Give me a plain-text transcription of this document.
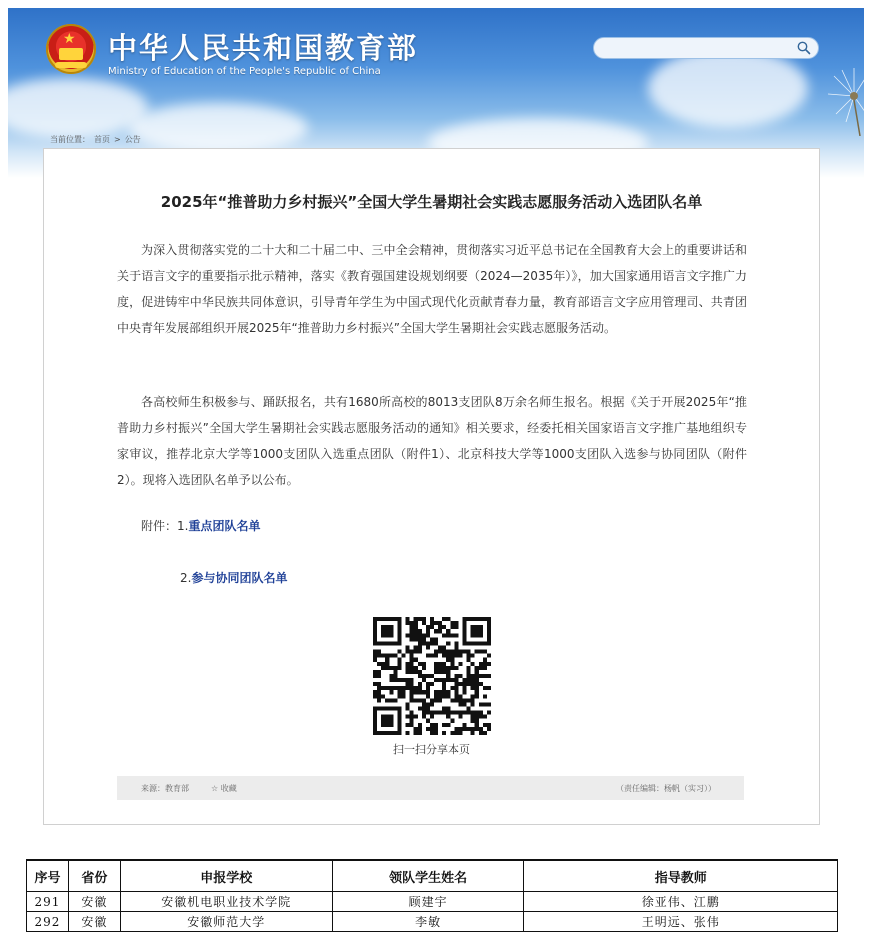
★ 中华人民共和国教育部
Ministry of Education of the People's Republic of China
当前位置： 首页 > 公告
2025年“推普助力乡村振兴”全国大学生暑期社会实践志愿服务活动入选团队名单

为深入贯彻落实党的二十大和二十届二中、三中全会精神，贯彻落实习近平总书记在全国教育大会上的重要讲话和关于语言文字的重要指示批示精神，落实《教育强国建设规划纲要（2024—2035年）》，加大国家通用语言文字推广力度，促进铸牢中华民族共同体意识，引导青年学生为中国式现代化贡献青春力量，教育部语言文字应用管理司、共青团中央青年发展部组织开展2025年“推普助力乡村振兴”全国大学生暑期社会实践志愿服务活动。

各高校师生积极参与、踊跃报名，共有1680所高校的8013支团队8万余名师生报名。根据《关于开展2025年“推普助力乡村振兴”全国大学生暑期社会实践志愿服务活动的通知》相关要求，经委托相关国家语言文字推广基地组织专家审议，推荐北京大学等1000支团队入选重点团队（附件1）、北京科技大学等1000支团队入选参与协同团队（附件2）。现将入选团队名单予以公布。

附件：1.重点团队名单
2.参与协同团队名单
扫一扫分享本页
来源：教育部	☆ 收藏	（责任编辑：杨帆（实习））
序号	省份	申报学校	领队学生姓名	指导教师
291	安徽	安徽机电职业技术学院	顾建宇	徐亚伟、江鹏
292	安徽	安徽师范大学	李敏	王明远、张伟
